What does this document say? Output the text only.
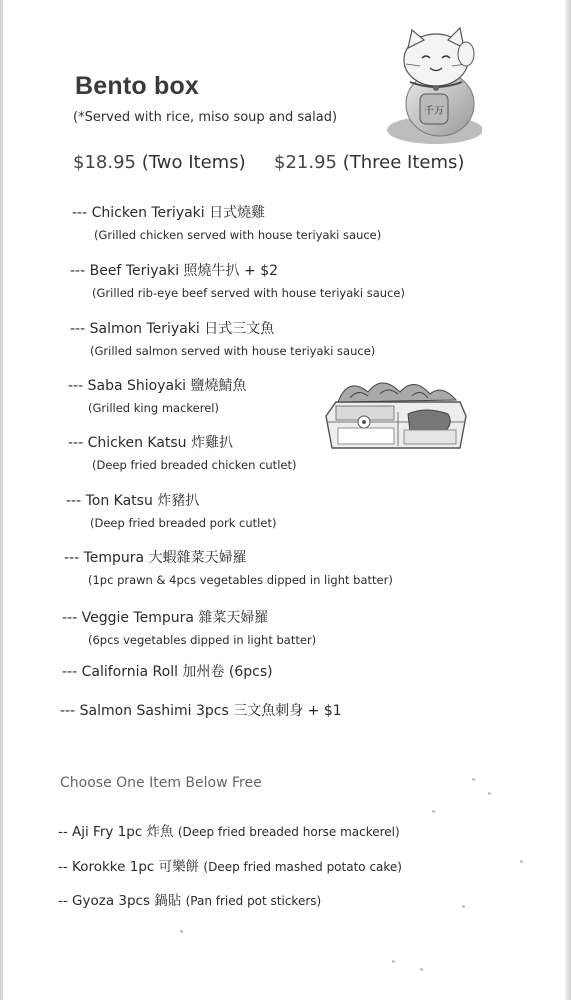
千万
Bento box
(*Served with rice, miso soup and salad)
$18.95 (Two Items) $21.95 (Three Items)
--- Chicken Teriyaki 日式燒雞
(Grilled chicken served with house teriyaki sauce)
--- Beef Teriyaki 照燒牛扒 + $2
(Grilled rib-eye beef served with house teriyaki sauce)
--- Salmon Teriyaki 日式三文魚
(Grilled salmon served with house teriyaki sauce)
--- Saba Shioyaki 鹽燒鯖魚
(Grilled king mackerel)
--- Chicken Katsu 炸雞扒
(Deep fried breaded chicken cutlet)
--- Ton Katsu 炸豬扒
(Deep fried breaded pork cutlet)
--- Tempura 大蝦雜菜天婦羅
(1pc prawn & 4pcs vegetables dipped in light batter)
--- Veggie Tempura 雜菜天婦羅
(6pcs vegetables dipped in light batter)
--- California Roll 加州卷 (6pcs)
--- Salmon Sashimi 3pcs 三文魚刺身 + $1
Choose One Item Below Free
-- Aji Fry 1pc 炸魚 (Deep fried breaded horse mackerel)
-- Korokke 1pc 可樂餅 (Deep fried mashed potato cake)
-- Gyoza 3pcs 鍋貼 (Pan fried pot stickers)
